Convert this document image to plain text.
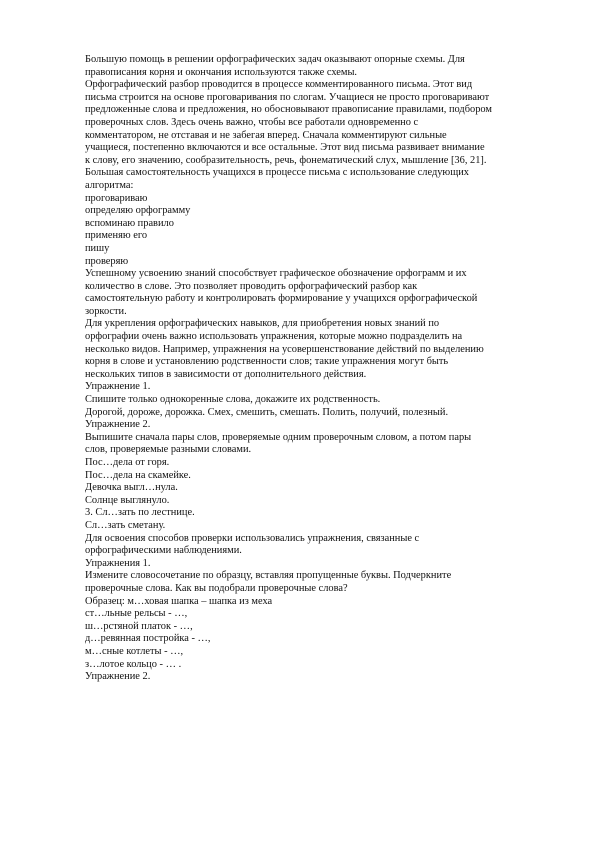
Большую помощь в решении орфографических задач оказывают опорные схемы. Для
правописания корня и окончания используются также схемы.
Орфографический разбор проводится в процессе комментированного письма. Этот вид
письма строится на основе проговаривания по слогам. Учащиеся не просто проговаривают
предложенные слова и предложения, но обосновывают правописание правилами, подбором
проверочных слов. Здесь очень важно, чтобы все работали одновременно с
комментатором, не отставая и не забегая вперед. Сначала комментируют сильные
учащиеся, постепенно включаются и все остальные. Этот вид письма развивает внимание
к слову, его значению, сообразительность, речь, фонематический слух, мышление [36, 21].
Большая самостоятельность учащихся в процессе письма с использование следующих
алгоритма:
проговариваю
определяю орфограмму
вспоминаю правило
применяю его
пишу
проверяю
Успешному усвоению знаний способствует графическое обозначение орфограмм и их
количество в слове. Это позволяет проводить орфографический разбор как
самостоятельную работу и контролировать формирование у учащихся орфографической
зоркости.
Для укрепления орфографических навыков, для приобретения новых знаний по
орфографии очень важно использовать упражнения, которые можно подразделить на
несколько видов. Например, упражнения на усовершенствование действий по выделению
корня в слове и установлению родственности слов; такие упражнения могут быть
нескольких типов в зависимости от дополнительного действия.
Упражнение 1.
Спишите только однокоренные слова, докажите их родственность.
Дорогой, дороже, дорожка. Смех, смешить, смешать. Полить, получий, полезный.
Упражнение 2.
Выпишите сначала пары слов, проверяемые одним проверочным словом, а потом пары
слов, проверяемые разными словами.
Пос…дела от горя.
Пос…дела на скамейке.
Девочка выгл…нула.
Солнце выглянуло.
3. Сл…зать по лестнице.
Сл…зать сметану.
Для освоения способов проверки использовались упражнения, связанные с
орфографическими наблюдениями.
Упражнения 1.
Измените словосочетание по образцу, вставляя пропущенные буквы. Подчеркните
проверочные слова. Как вы подобрали проверочные слова?
Образец: м…ховая шапка – шапка из меха
ст…льные рельсы - …,
ш…рстяной платок - …,
д…ревянная постройка - …,
м…сные котлеты - …,
з…лотое кольцо - … .
Упражнение 2.
